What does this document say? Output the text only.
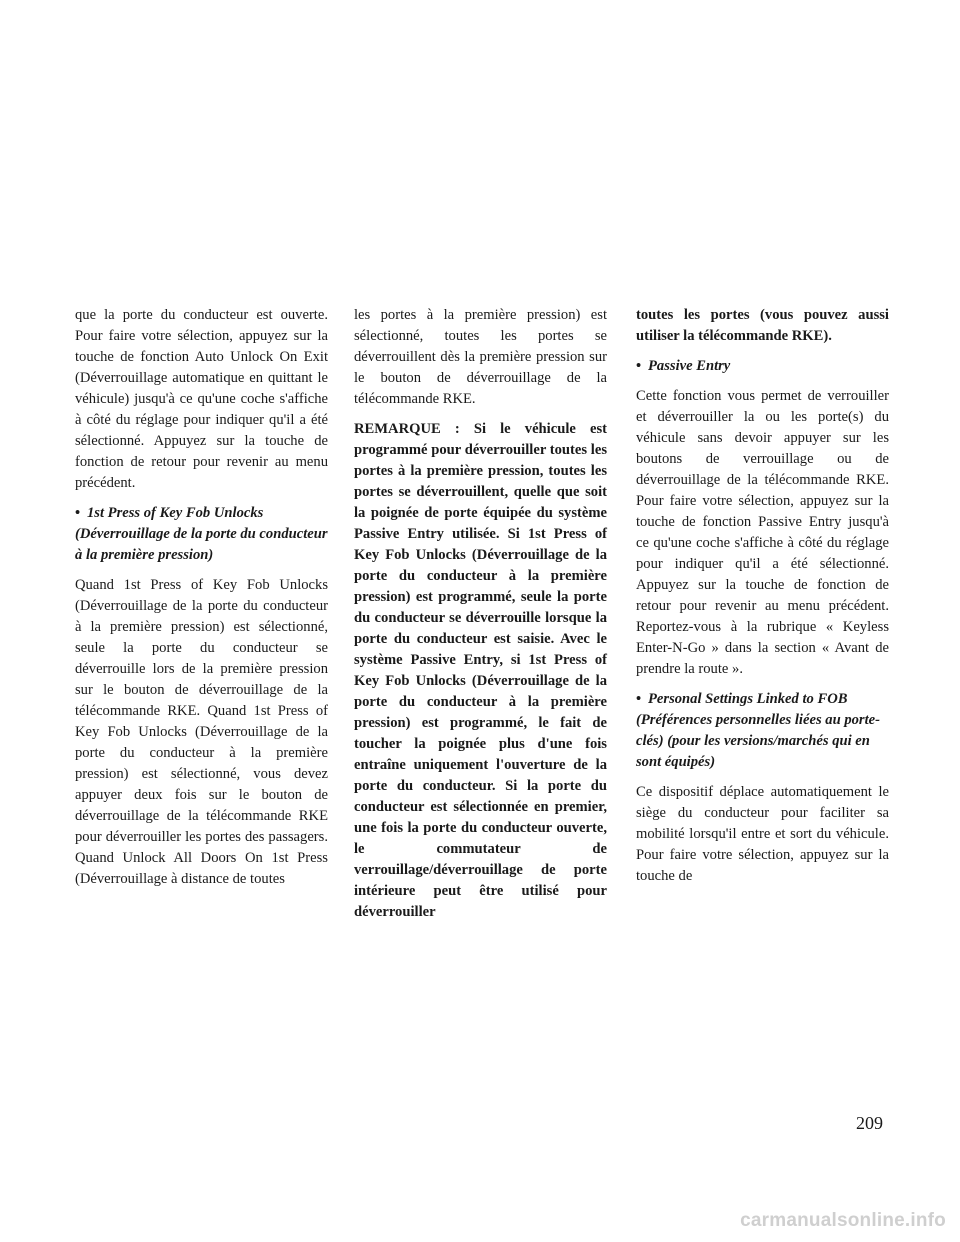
que la porte du conducteur est ouverte. Pour faire votre sélection, appuyez sur la touche de fonction Auto Unlock On Exit (Déverrouillage automatique en quittant le véhicule) jusqu'à ce qu'une coche s'affiche à côté du réglage pour indiquer qu'il a été sélectionné. Appuyez sur la touche de fonction de retour pour revenir au menu précédent.

• 1st Press of Key Fob Unlocks (Déverrouillage de la porte du conducteur à la première pression)

Quand 1st Press of Key Fob Unlocks (Déverrouillage de la porte du conducteur à la première pression) est sélectionné, seule la porte du conducteur se déverrouille lors de la première pression sur le bouton de déverrouillage de la télécommande RKE. Quand 1st Press of Key Fob Unlocks (Déverrouillage de la porte du conducteur à la première pression) est sélectionné, vous devez appuyer deux fois sur le bouton de déverrouillage de la télécommande RKE pour déverrouiller les portes des passagers. Quand Unlock All Doors On 1st Press (Déverrouillage à distance de toutes

les portes à la première pression) est sélectionné, toutes les portes se déverrouillent dès la première pression sur le bouton de déverrouillage de la télécommande RKE.

REMARQUE : Si le véhicule est programmé pour déverrouiller toutes les portes à la première pression, toutes les portes se déverrouillent, quelle que soit la poignée de porte équipée du système Passive Entry utilisée. Si 1st Press of Key Fob Unlocks (Déverrouillage de la porte du conducteur à la première pression) est programmé, seule la porte du conducteur se déverrouille lorsque la porte du conducteur est saisie. Avec le système Passive Entry, si 1st Press of Key Fob Unlocks (Déverrouillage de la porte du conducteur à la première pression) est programmé, le fait de toucher la poignée plus d'une fois entraîne uniquement l'ouverture de la porte du conducteur. Si la porte du conducteur est sélectionnée en premier, une fois la porte du conducteur ouverte, le commutateur de verrouillage/déverrouillage de porte intérieure peut être utilisé pour déverrouiller

toutes les portes (vous pouvez aussi utiliser la télécommande RKE).

• Passive Entry

Cette fonction vous permet de verrouiller et déverrouiller la ou les porte(s) du véhicule sans devoir appuyer sur les boutons de verrouillage ou de déverrouillage de la télécommande RKE. Pour faire votre sélection, appuyez sur la touche de fonction Passive Entry jusqu'à ce qu'une coche s'affiche à côté du réglage pour indiquer qu'il a été sélectionné. Appuyez sur la touche de fonction de retour pour revenir au menu précédent. Reportez-vous à la rubrique « Keyless Enter-N-Go » dans la section « Avant de prendre la route ».

• Personal Settings Linked to FOB (Préférences personnelles liées au porte-clés) (pour les versions/marchés qui en sont équipés)

Ce dispositif déplace automatiquement le siège du conducteur pour faciliter sa mobilité lorsqu'il entre et sort du véhicule. Pour faire votre sélection, appuyez sur la touche de

209
carmanualsonline.info
